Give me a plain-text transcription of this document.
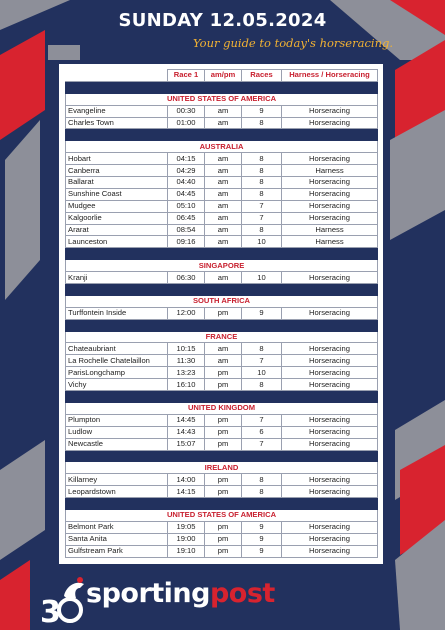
SUNDAY 12.05.2024
Your guide to today's horseracing.
	Race 1	am/pm	Races	Harness / Horseracing

UNITED STATES OF AMERICA				
Evangeline	00:30	am	9	Horseracing
Charles Town	01:00	am	8	Horseracing

AUSTRALIA				
Hobart	04:15	am	8	Horseracing
Canberra	04:29	am	8	Harness
Ballarat	04:40	am	8	Horseracing
Sunshine Coast	04:45	am	8	Horseracing
Mudgee	05:10	am	7	Horseracing
Kalgoorlie	06:45	am	7	Horseracing
Ararat	08:54	am	8	Harness
Launceston	09:16	am	10	Harness

SINGAPORE				
Kranji	06:30	am	10	Horseracing

SOUTH AFRICA				
Turffontein Inside	12:00	pm	9	Horseracing

FRANCE				
Chateaubriant	10:15	am	8	Horseracing
La Rochelle Chatelaillon	11:30	am	7	Horseracing
ParisLongchamp	13:23	pm	10	Horseracing
Vichy	16:10	pm	8	Horseracing

UNITED KINGDOM				
Plumpton	14:45	pm	7	Horseracing
Ludlow	14:43	pm	6	Horseracing
Newcastle	15:07	pm	7	Horseracing

IRELAND				
Killarney	14:00	pm	8	Horseracing
Leopardstown	14:15	pm	8	Horseracing

UNITED STATES OF AMERICA				
Belmont Park	19:05	pm	9	Horseracing
Santa Anita	19:00	pm	9	Horseracing
Gulfstream Park	19:10	pm	9	Horseracing
3
sportingpost
